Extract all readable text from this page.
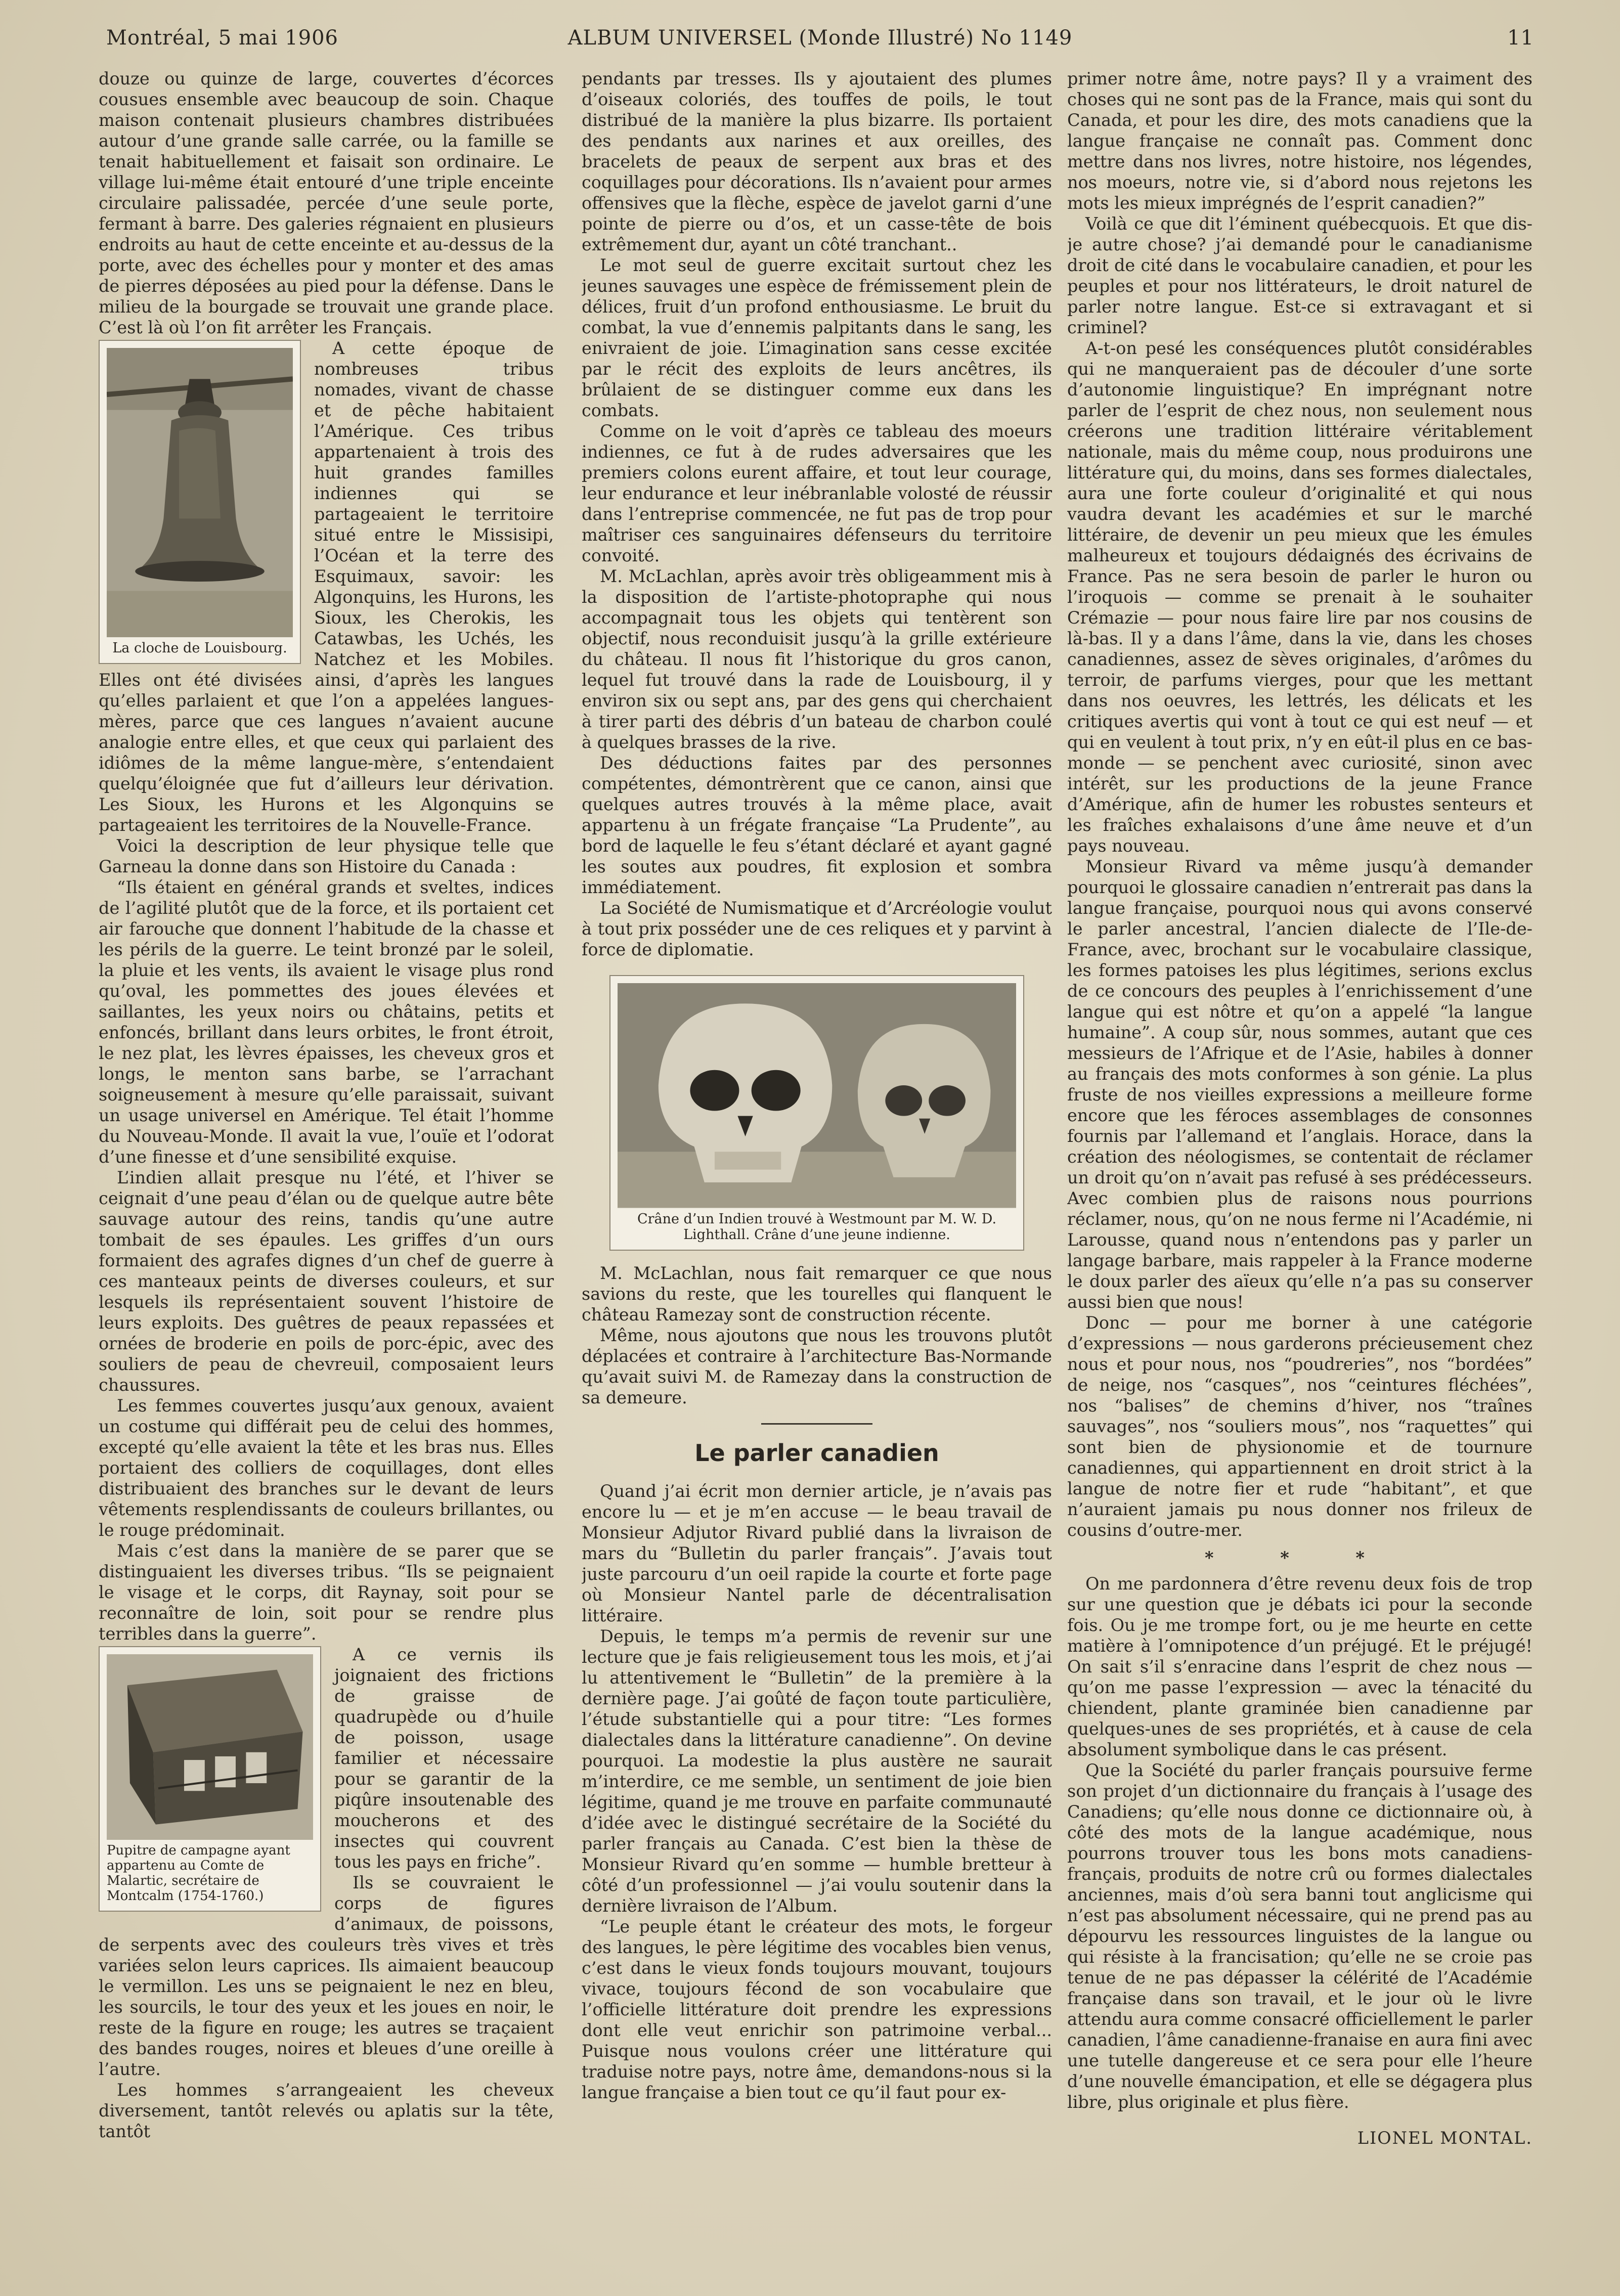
Montréal, 5 mai 1906	ALBUM UNIVERSEL (Monde Illustré) No 1149	11

douze ou quinze de large, couvertes d’écorces cousues ensemble avec beaucoup de soin. Chaque maison contenait plusieurs chambres distribuées autour d’une grande salle carrée, ou la famille se tenait habituellement et faisait son ordinaire. Le village lui-même était entouré d’une triple enceinte circulaire palissadée, percée d’une seule porte, fermant à barre. Des galeries régnaient en plusieurs endroits au haut de cette enceinte et au-dessus de la porte, avec des échelles pour y monter et des amas de pierres déposées au pied pour la défense. Dans le milieu de la bourgade se trouvait une grande place. C’est là où l’on fit arrêter les Français.

La cloche de Louisbourg.

A cette époque de nombreuses tribus nomades, vivant de chasse et de pêche habitaient l’Amérique. Ces tribus appartenaient à trois des huit grandes familles indiennes qui se partageaient le territoire situé entre le Missisipi, l’Océan et la terre des Esquimaux, savoir: les Algonquins, les Hurons, les Sioux, les Cherokis, les Catawbas, les Uchés, les Natchez et les Mobiles. Elles ont été divisées ainsi, d’après les langues qu’elles parlaient et que l’on a appelées langues-mères, parce que ces langues n’avaient aucune analogie entre elles, et que ceux qui parlaient des idiômes de la même langue-mère, s’entendaient quelqu’éloignée que fut d’ailleurs leur dérivation. Les Sioux, les Hurons et les Algonquins se partageaient les territoires de la Nouvelle-France.

Voici la description de leur physique telle que Garneau la donne dans son Histoire du Canada :

“Ils étaient en général grands et sveltes, indices de l’agilité plutôt que de la force, et ils portaient cet air farouche que donnent l’habitude de la chasse et les périls de la guerre. Le teint bronzé par le soleil, la pluie et les vents, ils avaient le visage plus rond qu’oval, les pommettes des joues élevées et saillantes, les yeux noirs ou châtains, petits et enfoncés, brillant dans leurs orbites, le front étroit, le nez plat, les lèvres épaisses, les cheveux gros et longs, le menton sans barbe, se l’arrachant soigneusement à mesure qu’elle paraissait, suivant un usage universel en Amérique. Tel était l’homme du Nouveau-Monde. Il avait la vue, l’ouïe et l’odorat d’une finesse et d’une sensibilité exquise.

L’indien allait presque nu l’été, et l’hiver se ceignait d’une peau d’élan ou de quelque autre bête sauvage autour des reins, tandis qu’une autre tombait de ses épaules. Les griffes d’un ours formaient des agrafes dignes d’un chef de guerre à ces manteaux peints de diverses couleurs, et sur lesquels ils représentaient souvent l’histoire de leurs exploits. Des guêtres de peaux repassées et ornées de broderie en poils de porc-épic, avec des souliers de peau de chevreuil, composaient leurs chaussures.

Les femmes couvertes jusqu’aux genoux, avaient un costume qui différait peu de celui des hommes, excepté qu’elle avaient la tête et les bras nus. Elles portaient des colliers de coquillages, dont elles distribuaient des branches sur le devant de leurs vêtements resplendissants de couleurs brillantes, ou le rouge prédominait.

Mais c’est dans la manière de se parer que se distinguaient les diverses tribus. “Ils se peignaient le visage et le corps, dit Raynay, soit pour se reconnaître de loin, soit pour se rendre plus terribles dans la guerre”.

Pupitre de campagne ayant appartenu au Comte de Malartic, secrétaire de Montcalm (1754-1760.)

A ce vernis ils joignaient des frictions de graisse de quadrupède ou d’huile de poisson, usage familier et nécessaire pour se garantir de la piqûre insoutenable des moucherons et des insectes qui couvrent tous les pays en friche”.

Ils se couvraient le corps de figures d’animaux, de poissons, de serpents avec des couleurs très vives et très variées selon leurs caprices. Ils aimaient beaucoup le vermillon. Les uns se peignaient le nez en bleu, les sourcils, le tour des yeux et les joues en noir, le reste de la figure en rouge; les autres se traçaient des bandes rouges, noires et bleues d’une oreille à l’autre.

Les hommes s’arrangeaient les cheveux diversement, tantôt relevés ou aplatis sur la tête, tantôt

pendants par tresses. Ils y ajoutaient des plumes d’oiseaux coloriés, des touffes de poils, le tout distribué de la manière la plus bizarre. Ils portaient des pendants aux narines et aux oreilles, des bracelets de peaux de serpent aux bras et des coquillages pour décorations. Ils n’avaient pour armes offensives que la flèche, espèce de javelot garni d’une pointe de pierre ou d’os, et un casse-tête de bois extrêmement dur, ayant un côté tranchant..

Le mot seul de guerre excitait surtout chez les jeunes sauvages une espèce de frémissement plein de délices, fruit d’un profond enthousiasme. Le bruit du combat, la vue d’ennemis palpitants dans le sang, les enivraient de joie. L’imagination sans cesse excitée par le récit des exploits de leurs ancêtres, ils brûlaient de se distinguer comme eux dans les combats.

Comme on le voit d’après ce tableau des moeurs indiennes, ce fut à de rudes adversaires que les premiers colons eurent affaire, et tout leur courage, leur endurance et leur inébranlable volosté de réussir dans l’entreprise commencée, ne fut pas de trop pour maîtriser ces sanguinaires défenseurs du territoire convoité.

M. McLachlan, après avoir très obligeamment mis à la disposition de l’artiste-photopraphe qui nous accompagnait tous les objets qui tentèrent son objectif, nous reconduisit jusqu’à la grille extérieure du château. Il nous fit l’historique du gros canon, lequel fut trouvé dans la rade de Louisbourg, il y environ six ou sept ans, par des gens qui cherchaient à tirer parti des débris d’un bateau de charbon coulé à quelques brasses de la rive.

Des déductions faites par des personnes compétentes, démontrèrent que ce canon, ainsi que quelques autres trouvés à la même place, avait appartenu à un frégate française “La Prudente”, au bord de laquelle le feu s’étant déclaré et ayant gagné les soutes aux poudres, fit explosion et sombra immédiatement.

La Société de Numismatique et d’Arcréologie voulut à tout prix posséder une de ces reliques et y parvint à force de diplomatie.

Crâne d’un Indien trouvé à Westmount par M. W. D. Lighthall. Crâne d’une jeune indienne.

M. McLachlan, nous fait remarquer ce que nous savions du reste, que les tourelles qui flanquent le château Ramezay sont de construction récente.

Même, nous ajoutons que nous les trouvons plutôt déplacées et contraire à l’architecture Bas-Normande qu’avait suivi M. de Ramezay dans la construction de sa demeure.

Le parler canadien

Quand j’ai écrit mon dernier article, je n’avais pas encore lu — et je m’en accuse — le beau travail de Monsieur Adjutor Rivard publié dans la livraison de mars du “Bulletin du parler français”. J’avais tout juste parcouru d’un oeil rapide la courte et forte page où Monsieur Nantel parle de décentralisation littéraire.

Depuis, le temps m’a permis de revenir sur une lecture que je fais religieusement tous les mois, et j’ai lu attentivement le “Bulletin” de la première à la dernière page. J’ai goûté de façon toute particulière, l’étude substantielle qui a pour titre: “Les formes dialectales dans la littérature canadienne”. On devine pourquoi. La modestie la plus austère ne saurait m’interdire, ce me semble, un sentiment de joie bien légitime, quand je me trouve en parfaite communauté d’idée avec le distingué secrétaire de la Société du parler français au Canada. C’est bien la thèse de Monsieur Rivard qu’en somme — humble bretteur à côté d’un professionnel — j’ai voulu soutenir dans la dernière livraison de l’Album.

“Le peuple étant le créateur des mots, le forgeur des langues, le père légitime des vocables bien venus, c’est dans le vieux fonds toujours mouvant, toujours vivace, toujours fécond de son vocabulaire que l’officielle littérature doit prendre les expressions dont elle veut enrichir son patrimoine verbal... Puisque nous voulons créer une littérature qui traduise notre pays, notre âme, demandons-nous si la langue française a bien tout ce qu’il faut pour ex-

primer notre âme, notre pays? Il y a vraiment des choses qui ne sont pas de la France, mais qui sont du Canada, et pour les dire, des mots canadiens que la langue française ne connaît pas. Comment donc mettre dans nos livres, notre histoire, nos légendes, nos moeurs, notre vie, si d’abord nous rejetons les mots les mieux imprégnés de l’esprit canadien?”

Voilà ce que dit l’éminent québecquois. Et que dis-je autre chose? j’ai demandé pour le canadianisme droit de cité dans le vocabulaire canadien, et pour les peuples et pour nos littérateurs, le droit naturel de parler notre langue. Est-ce si extravagant et si criminel?

A-t-on pesé les conséquences plutôt considérables qui ne manqueraient pas de découler d’une sorte d’autonomie linguistique? En imprégnant notre parler de l’esprit de chez nous, non seulement nous créerons une tradition littéraire véritablement nationale, mais du même coup, nous produirons une littérature qui, du moins, dans ses formes dialectales, aura une forte couleur d’originalité et qui nous vaudra devant les académies et sur le marché littéraire, de devenir un peu mieux que les émules malheureux et toujours dédaignés des écrivains de France. Pas ne sera besoin de parler le huron ou l’iroquois — comme se prenait à le souhaiter Crémazie — pour nous faire lire par nos cousins de là-bas. Il y a dans l’âme, dans la vie, dans les choses canadiennes, assez de sèves originales, d’arômes du terroir, de parfums vierges, pour que les mettant dans nos oeuvres, les lettrés, les délicats et les critiques avertis qui vont à tout ce qui est neuf — et qui en veulent à tout prix, n’y en eût-il plus en ce bas-monde — se penchent avec curiosité, sinon avec intérêt, sur les productions de la jeune France d’Amérique, afin de humer les robustes senteurs et les fraîches exhalaisons d’une âme neuve et d’un pays nouveau.

Monsieur Rivard va même jusqu’à demander pourquoi le glossaire canadien n’entrerait pas dans la langue française, pourquoi nous qui avons conservé le parler ancestral, l’ancien dialecte de l’Ile-de-France, avec, brochant sur le vocabulaire classique, les formes patoises les plus légitimes, serions exclus de ce concours des peuples à l’enrichissement d’une langue qui est nôtre et qu’on a appelé “la langue humaine”. A coup sûr, nous sommes, autant que ces messieurs de l’Afrique et de l’Asie, habiles à donner au français des mots conformes à son génie. La plus fruste de nos vieilles expressions a meilleure forme encore que les féroces assemblages de consonnes fournis par l’allemand et l’anglais. Horace, dans la création des néologismes, se contentait de réclamer un droit qu’on n’avait pas refusé à ses prédécesseurs. Avec combien plus de raisons nous pourrions réclamer, nous, qu’on ne nous ferme ni l’Académie, ni Larousse, quand nous n’entendons pas y parler un langage barbare, mais rappeler à la France moderne le doux parler des aïeux qu’elle n’a pas su conserver aussi bien que nous!

Donc — pour me borner à une catégorie d’expressions — nous garderons précieusement chez nous et pour nous, nos “poudreries”, nos “bordées” de neige, nos “casques”, nos “ceintures fléchées”, nos “balises” de chemins d’hiver, nos “traînes sauvages”, nos “souliers mous”, nos “raquettes” qui sont bien de physionomie et de tournure canadiennes, qui appartiennent en droit strict à la langue de notre fier et rude “habitant”, et que n’auraient jamais pu nous donner nos frileux de cousins d’outre-mer.

* * *

On me pardonnera d’être revenu deux fois de trop sur une question que je débats ici pour la seconde fois. Ou je me trompe fort, ou je me heurte en cette matière à l’omnipotence d’un préjugé. Et le préjugé! On sait s’il s’enracine dans l’esprit de chez nous — qu’on me passe l’expression — avec la ténacité du chiendent, plante graminée bien canadienne par quelques-unes de ses propriétés, et à cause de cela absolument symbolique dans le cas présent.

Que la Société du parler français poursuive ferme son projet d’un dictionnaire du français à l’usage des Canadiens; qu’elle nous donne ce dictionnaire où, à côté des mots de la langue académique, nous pourrons trouver tous les bons mots canadiens-français, produits de notre crû ou formes dialectales anciennes, mais d’où sera banni tout anglicisme qui n’est pas absolument nécessaire, qui ne prend pas au dépourvu les ressources linguistes de la langue ou qui résiste à la francisation; qu’elle ne se croie pas tenue de ne pas dépasser la célérité de l’Académie française dans son travail, et le jour où le livre attendu aura comme consacré officiellement le parler canadien, l’âme canadienne-franaise en aura fini avec une tutelle dangereuse et ce sera pour elle l’heure d’une nouvelle émancipation, et elle se dégagera plus libre, plus originale et plus fière.

LIONEL MONTAL.
